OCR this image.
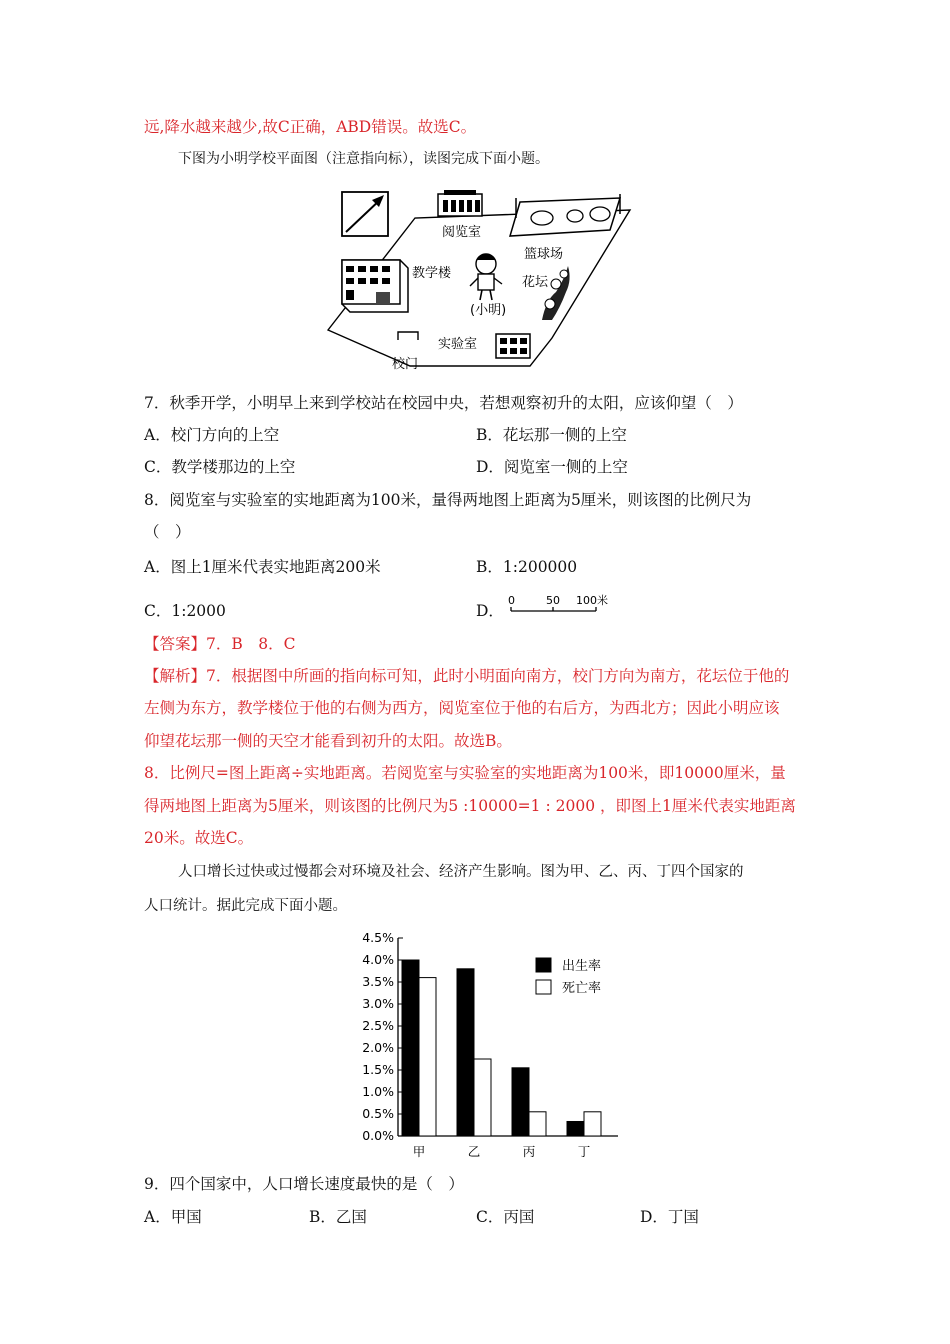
远,降水越来越少,故C正确，ABD错误。故选C。
下图为小明学校平面图（注意指向标），读图完成下面小题。
阅览室
篮球场
教学楼
(小明)
花坛
实验室
校门
7．秋季开学，小明早上来到学校站在校园中央，若想观察初升的太阳，应该仰望（　）
A．校门方向的上空	B．花坛那一侧的上空
C．教学楼那边的上空	D．阅览室一侧的上空
8．阅览室与实验室的实地距离为100米，量得两地图上距离为5厘米，则该图的比例尺为
（　）
A．图上1厘米代表实地距离200米	B．1:200000
C．1:2000	D．
0	50 100米
【答案】7．B　8．C
【解析】7．根据图中所画的指向标可知，此时小明面向南方，校门方向为南方，花坛位于他的
左侧为东方，教学楼位于他的右侧为西方，阅览室位于他的右后方，为西北方；因此小明应该
仰望花坛那一侧的天空才能看到初升的太阳。故选B。
8．比例尺=图上距离÷实地距离。若阅览室与实验室的实地距离为100米，即10000厘米，量
得两地图上距离为5厘米，则该图的比例尺为5 :10000=1 : 2000 ，即图上1厘米代表实地距离
20米。故选C。
人口增长过快或过慢都会对环境及社会、经济产生影响。图为甲、乙、丙、丁四个国家的
人口统计。据此完成下面小题。
0.0%
0.5%
1.0%
1.5%
2.0%
2.5%
3.0%
3.5%
4.0%
4.5%
甲	乙	丙	丁
出生率
死亡率
9．四个国家中，人口增长速度最快的是（　）
A．甲国	B．乙国	C．丙国	D．丁国
